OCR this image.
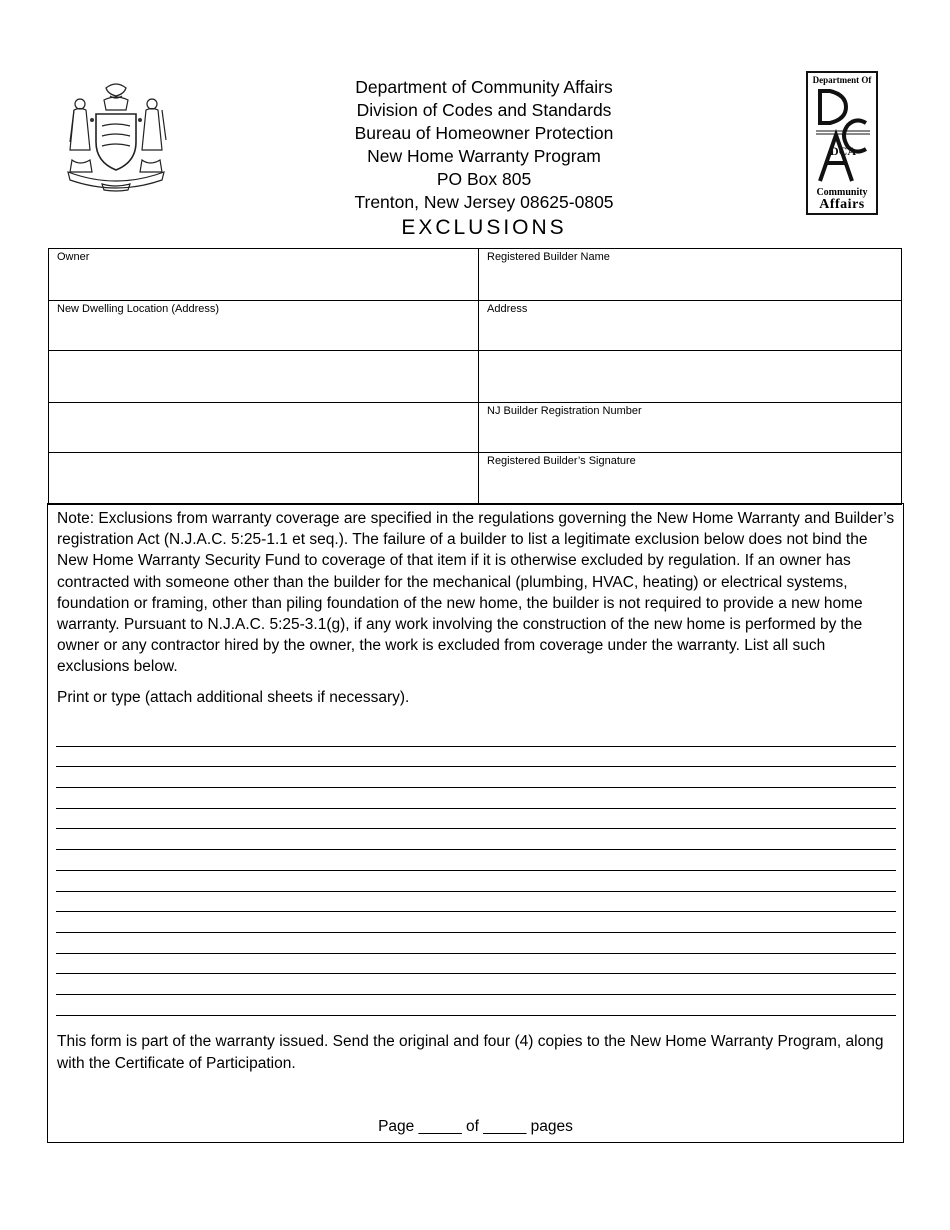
Department Of
DCA
Community
Affairs
Department of Community Affairs
Division of Codes and Standards
Bureau of Homeowner Protection
New Home Warranty Program
PO Box 805
Trenton, New Jersey 08625-0805
EXCLUSIONS
Owner	Registered Builder Name
New Dwelling Location (Address)	Address

	NJ Builder Registration Number
	Registered Builder’s Signature
Note: Exclusions from warranty coverage are specified in the regulations governing the New Home Warranty and Builder’s registration Act (N.J.A.C. 5:25-1.1 et seq.). The failure of a builder to list a legitimate exclusion below does not bind the New Home Warranty Security Fund to coverage of that item if it is otherwise excluded by regulation. If an owner has contracted with someone other than the builder for the mechanical (plumbing, HVAC, heating) or electrical systems, foundation or framing, other than piling foundation of the new home, the builder is not required to provide a new home warranty. Pursuant to N.J.A.C. 5:25-3.1(g), if any work involving the construction of the new home is performed by the owner or any contractor hired by the owner, the work is excluded from coverage under the warranty. List all such exclusions below.
Print or type (attach additional sheets if necessary).
This form is part of the warranty issued. Send the original and four (4) copies to the New Home Warranty Program, along with the Certificate of Participation.
Page _____ of _____ pages
